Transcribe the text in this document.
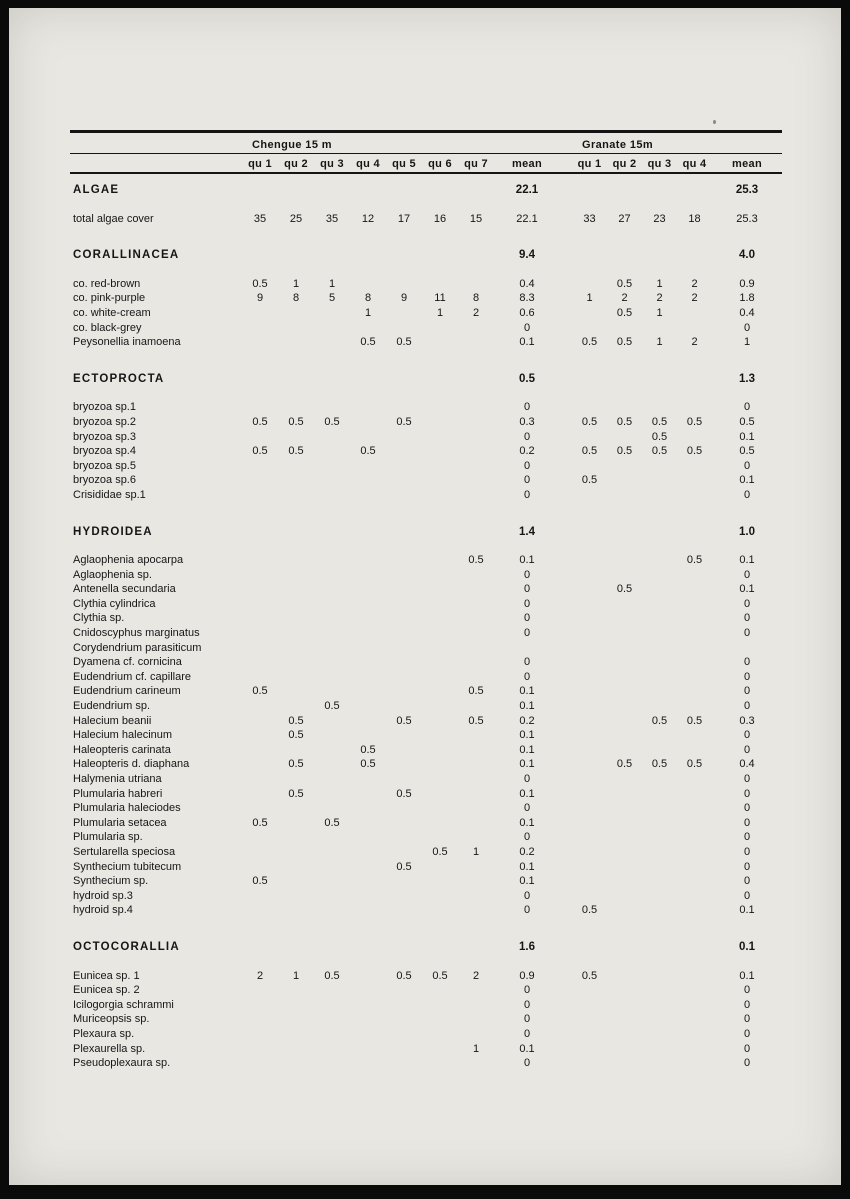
	Chengue 15 m									Granate 15m				
	qu 1	qu 2	qu 3	qu 4	qu 5	qu 6	qu 7	mean		qu 1	qu 2	qu 3	qu 4	mean
ALGAE								22.1						25.3
total algae cover	35	25	35	12	17	16	15	22.1		33	27	23	18	25.3
CORALLINACEA								9.4						4.0
co. red-brown	0.5	1	1					0.4			0.5	1	2	0.9
co. pink-purple	9	8	5	8	9	11	8	8.3		1	2	2	2	1.8
co. white-cream				1		1	2	0.6			0.5	1		0.4
co. black-grey								0						0
Peysonellia inamoena				0.5	0.5			0.1		0.5	0.5	1	2	1
ECTOPROCTA								0.5						1.3
bryozoa sp.1								0						0
bryozoa sp.2	0.5	0.5	0.5		0.5			0.3		0.5	0.5	0.5	0.5	0.5
bryozoa sp.3								0				0.5		0.1
bryozoa sp.4	0.5	0.5		0.5				0.2		0.5	0.5	0.5	0.5	0.5
bryozoa sp.5								0						0
bryozoa sp.6								0		0.5				0.1
Crisididae sp.1								0						0
HYDROIDEA								1.4						1.0
Aglaophenia apocarpa							0.5	0.1					0.5	0.1
Aglaophenia sp.								0						0
Antenella secundaria								0			0.5			0.1
Clythia cylindrica								0						0
Clythia sp.								0						0
Cnidoscyphus marginatus								0						0
Corydendrium parasiticum														
Dyamena cf. cornicina								0						0
Eudendrium cf. capillare								0						0
Eudendrium carineum	0.5						0.5	0.1						0
Eudendrium sp.			0.5					0.1						0
Halecium beanii		0.5			0.5		0.5	0.2				0.5	0.5	0.3
Halecium halecinum		0.5						0.1						0
Haleopteris carinata				0.5				0.1						0
Haleopteris d. diaphana		0.5		0.5				0.1			0.5	0.5	0.5	0.4
Halymenia utriana								0						0
Plumularia habreri		0.5			0.5			0.1						0
Plumularia haleciodes								0						0
Plumularia setacea	0.5		0.5					0.1						0
Plumularia sp.								0						0
Sertularella speciosa						0.5	1	0.2						0
Synthecium tubitecum					0.5			0.1						0
Synthecium sp.	0.5							0.1						0
hydroid sp.3								0						0
hydroid sp.4								0		0.5				0.1
OCTOCORALLIA								1.6						0.1
Eunicea sp. 1	2	1	0.5		0.5	0.5	2	0.9		0.5				0.1
Eunicea sp. 2								0						0
Icilogorgia schrammi								0						0
Muriceopsis sp.								0						0
Plexaura sp.								0						0
Plexaurella sp.							1	0.1						0
Pseudoplexaura sp.								0						0
